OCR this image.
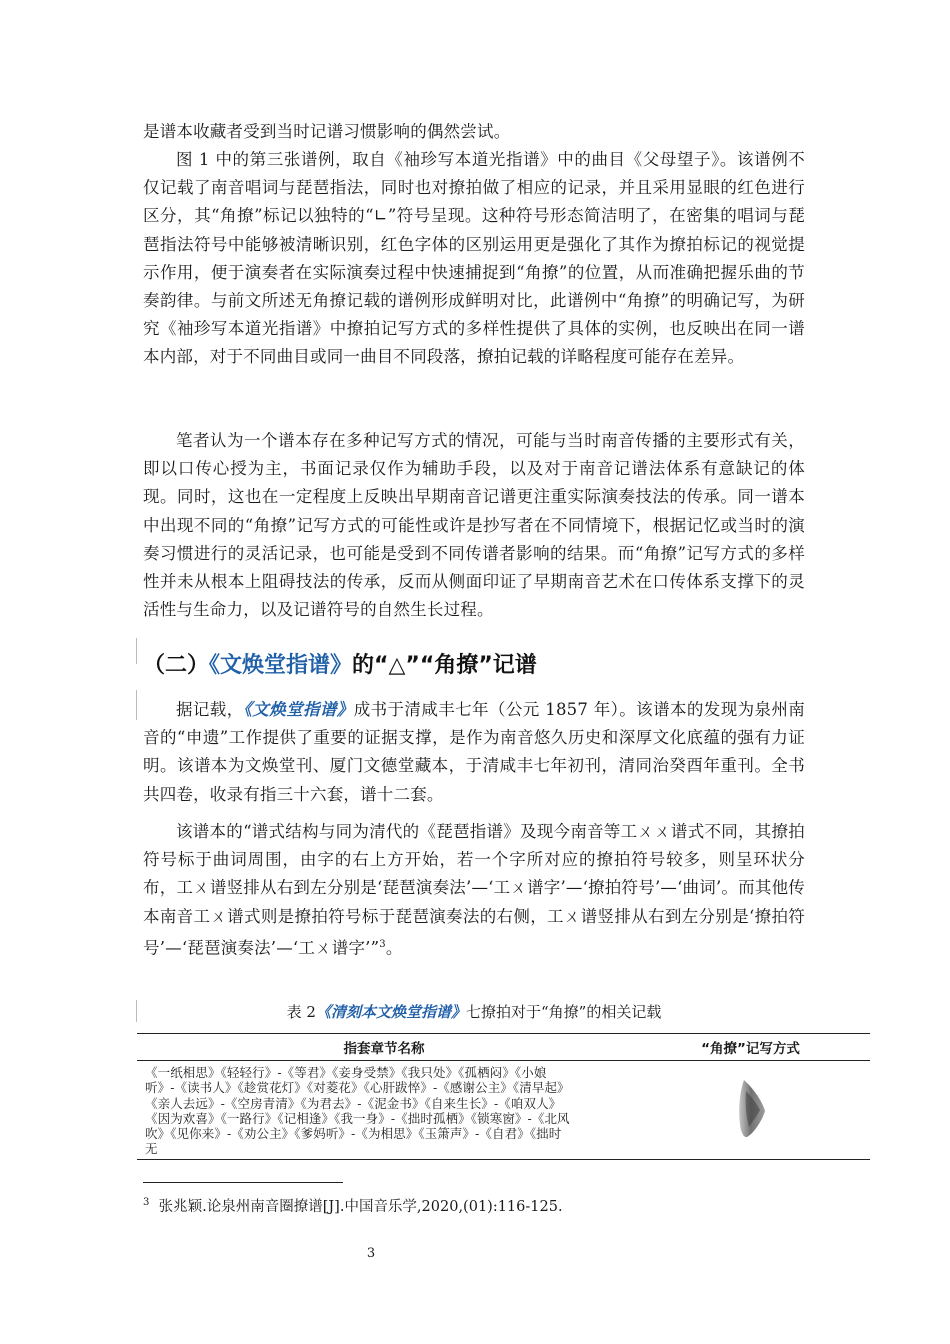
是谱本收藏者受到当时记谱习惯影响的偶然尝试。

图 1 中的第三张谱例，取自《袖珍写本道光指谱》中的曲目《父母望子》。该谱例不仅记载了南音唱词与琵琶指法，同时也对撩拍做了相应的记录，并且采用显眼的红色进行区分，其“角撩”标记以独特的“∟”符号呈现。这种符号形态简洁明了，在密集的唱词与琵琶指法符号中能够被清晰识别，红色字体的区别运用更是强化了其作为撩拍标记的视觉提示作用，便于演奏者在实际演奏过程中快速捕捉到“角撩”的位置，从而准确把握乐曲的节奏韵律。与前文所述无角撩记载的谱例形成鲜明对比，此谱例中“角撩”的明确记写，为研究《袖珍写本道光指谱》中撩拍记写方式的多样性提供了具体的实例，也反映出在同一谱本内部，对于不同曲目或同一曲目不同段落，撩拍记载的详略程度可能存在差异。

笔者认为一个谱本存在多种记写方式的情况，可能与当时南音传播的主要形式有关，即以口传心授为主，书面记录仅作为辅助手段，以及对于南音记谱法体系有意缺记的体现。同时，这也在一定程度上反映出早期南音记谱更注重实际演奏技法的传承。同一谱本中出现不同的“角撩”记写方式的可能性或许是抄写者在不同情境下，根据记忆或当时的演奏习惯进行的灵活记录，也可能是受到不同传谱者影响的结果。而“角撩”记写方式的多样性并未从根本上阻碍技法的传承，反而从侧面印证了早期南音艺术在口传体系支撑下的灵活性与生命力，以及记谱符号的自然生长过程。

（二）《文焕堂指谱》的“△”“角撩”记谱

据记载，《文焕堂指谱》成书于清咸丰七年（公元 1857 年）。该谱本的发现为泉州南音的“申遗”工作提供了重要的证据支撑，是作为南音悠久历史和深厚文化底蕴的强有力证明。该谱本为文焕堂刊、厦门文德堂藏本，于清咸丰七年初刊，清同治癸酉年重刊。全书共四卷，收录有指三十六套，谱十二套。

该谱本的“谱式结构与同为清代的《琵琶指谱》及现今南音等工ㄨㄨ谱式不同，其撩拍符号标于曲词周围，由字的右上方开始，若一个字所对应的撩拍符号较多，则呈环状分布，工ㄨ谱竖排从右到左分别是‘琵琶演奏法’—‘工ㄨ谱字’—‘撩拍符号’—‘曲词’。而其他传本南音工ㄨ谱式则是撩拍符号标于琵琶演奏法的右侧，工ㄨ谱竖排从右到左分别是‘撩拍符号’—‘琵琶演奏法’—‘工ㄨ谱字’”$^3$。

表 2《清刻本文焕堂指谱》七撩拍对于“角撩”的相关记载
指套章节名称	“角撩”记写方式

《一纸相思》《轻轻行》-《等君》《妾身受禁》《我只处》《孤栖闷》《小娘听》-《读书人》《趁赏花灯》《对菱花》《心肝跋悴》-《感谢公主》《清早起》《亲人去远》-《空房青清》《为君去》-《泥金书》《自来生长》-《咱双人》《因为欢喜》《一路行》《记相逢》《我一身》-《拙时孤栖》《锁寒窗》-《北风吹》《见你来》-《劝公主》《爹妈听》-《为相思》《玉箫声》-《自君》《拙时无

$^3$ 张兆颖.论泉州南音圈撩谱[J].中国音乐学,2020,(01):116-125.

3
